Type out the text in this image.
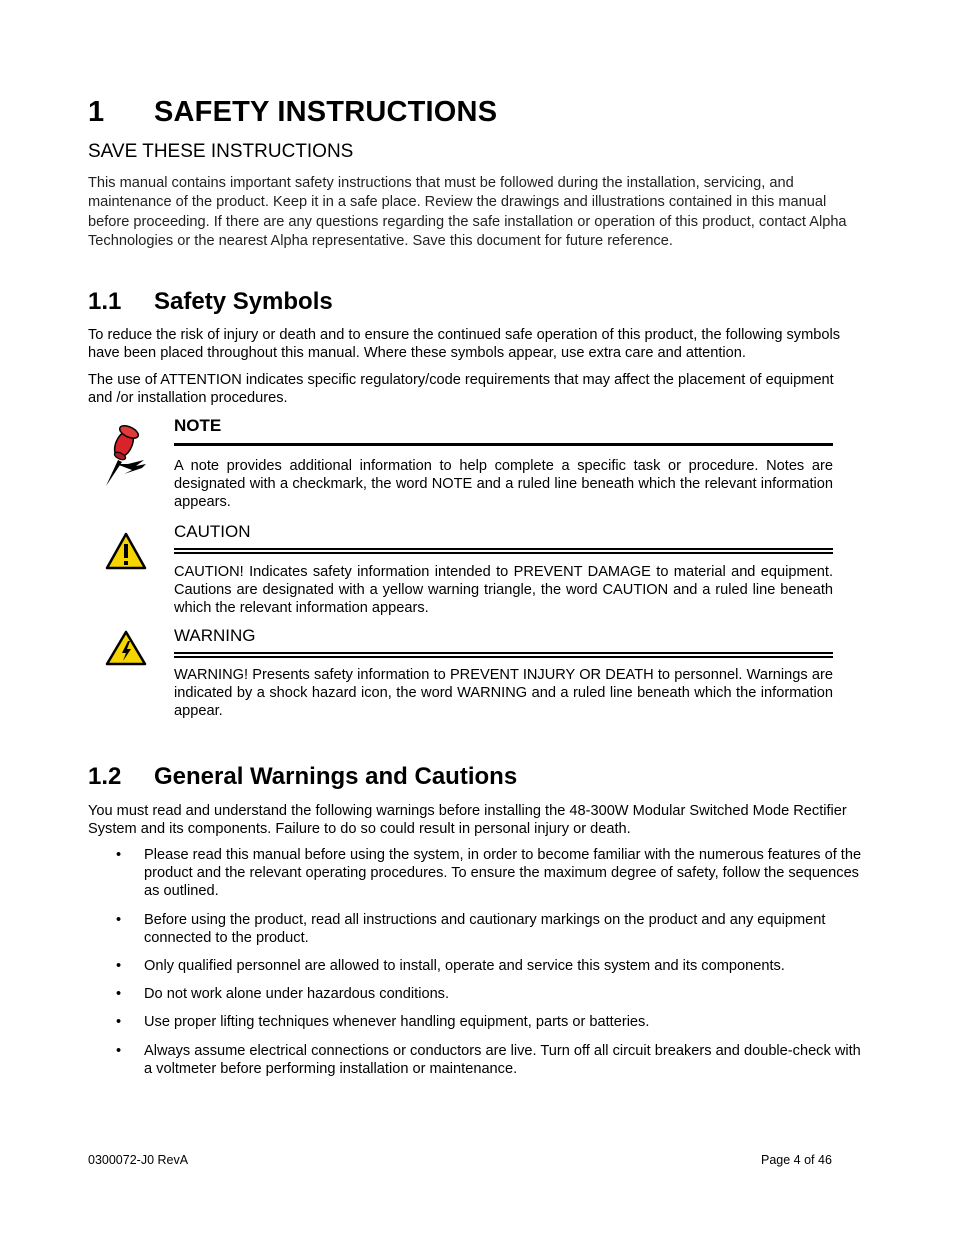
1 SAFETY INSTRUCTIONS
SAVE THESE INSTRUCTIONS
This manual contains important safety instructions that must be followed during the installation, servicing, and maintenance of the product. Keep it in a safe place. Review the drawings and illustrations contained in this manual before proceeding. If there are any questions regarding the safe installation or operation of this product, contact Alpha Technologies or the nearest Alpha representative. Save this document for future reference.
1.1 Safety Symbols
To reduce the risk of injury or death and to ensure the continued safe operation of this product, the following symbols have been placed throughout this manual. Where these symbols appear, use extra care and attention.
The use of ATTENTION indicates specific regulatory/code requirements that may affect the placement of equipment and /or installation procedures.
NOTE
A note provides additional information to help complete a specific task or procedure. Notes are designated with a checkmark, the word NOTE and a ruled line beneath which the relevant information appears.
CAUTION
CAUTION! Indicates safety information intended to PREVENT DAMAGE to material and equipment. Cautions are designated with a yellow warning triangle, the word CAUTION and a ruled line beneath which the relevant information appears.
WARNING
WARNING! Presents safety information to PREVENT INJURY OR DEATH to personnel. Warnings are indicated by a shock hazard icon, the word WARNING and a ruled line beneath which the information appear.
1.2 General Warnings and Cautions
You must read and understand the following warnings before installing the 48-300W Modular Switched Mode Rectifier System and its components. Failure to do so could result in personal injury or death.
• Please read this manual before using the system, in order to become familiar with the numerous features of the product and the relevant operating procedures. To ensure the maximum degree of safety, follow the sequences as outlined.
• Before using the product, read all instructions and cautionary markings on the product and any equipment connected to the product.
• Only qualified personnel are allowed to install, operate and service this system and its components.
• Do not work alone under hazardous conditions.
• Use proper lifting techniques whenever handling equipment, parts or batteries.
• Always assume electrical connections or conductors are live. Turn off all circuit breakers and double-check with a voltmeter before performing installation or maintenance.
0300072-J0 RevA	Page 4 of 46
